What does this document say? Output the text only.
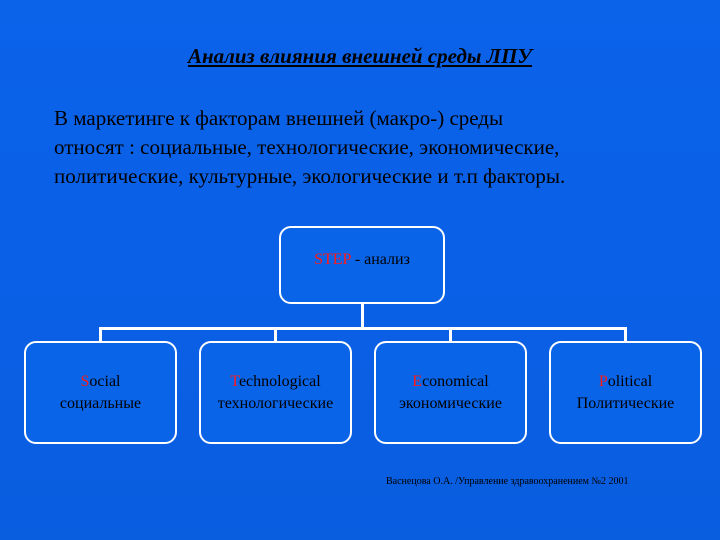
Анализ влияния внешней среды ЛПУ
В маркетинге к факторам внешней (макро-) среды
относят : социальные, технологические, экономические,
политические, культурные, экологические и т.п факторы.
STEP - анализ
Social
социальные
Technological
технологические
Economical
экономические
Political
Политические
Васнецова О.А. /Управление здравоохранением №2 2001
